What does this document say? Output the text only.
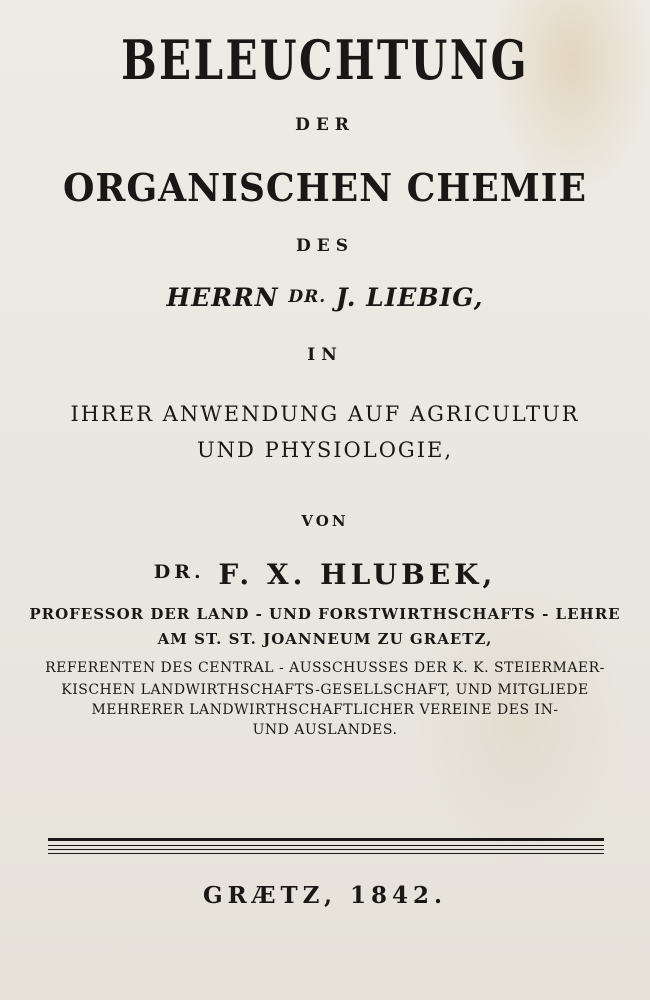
BELEUCHTUNG
DER
ORGANISCHEN CHEMIE
DES
HERRN DR. J. LIEBIG,
IN
IHRER ANWENDUNG AUF AGRICULTUR
UND PHYSIOLOGIE,
VON
$^{DR.}$ F. X. HLUBEK,
PROFESSOR DER LAND - UND FORSTWIRTHSCHAFTS - LEHRE
AM ST. ST. JOANNEUM ZU GRAETZ,
REFERENTEN DES CENTRAL - AUSSCHUSSES DER K. K. STEIERMAER-
KISCHEN LANDWIRTHSCHAFTS-GESELLSCHAFT, UND MITGLIEDE
MEHRERER LANDWIRTHSCHAFTLICHER VEREINE DES IN-
UND AUSLANDES.
GRÆTZ, 1842.
